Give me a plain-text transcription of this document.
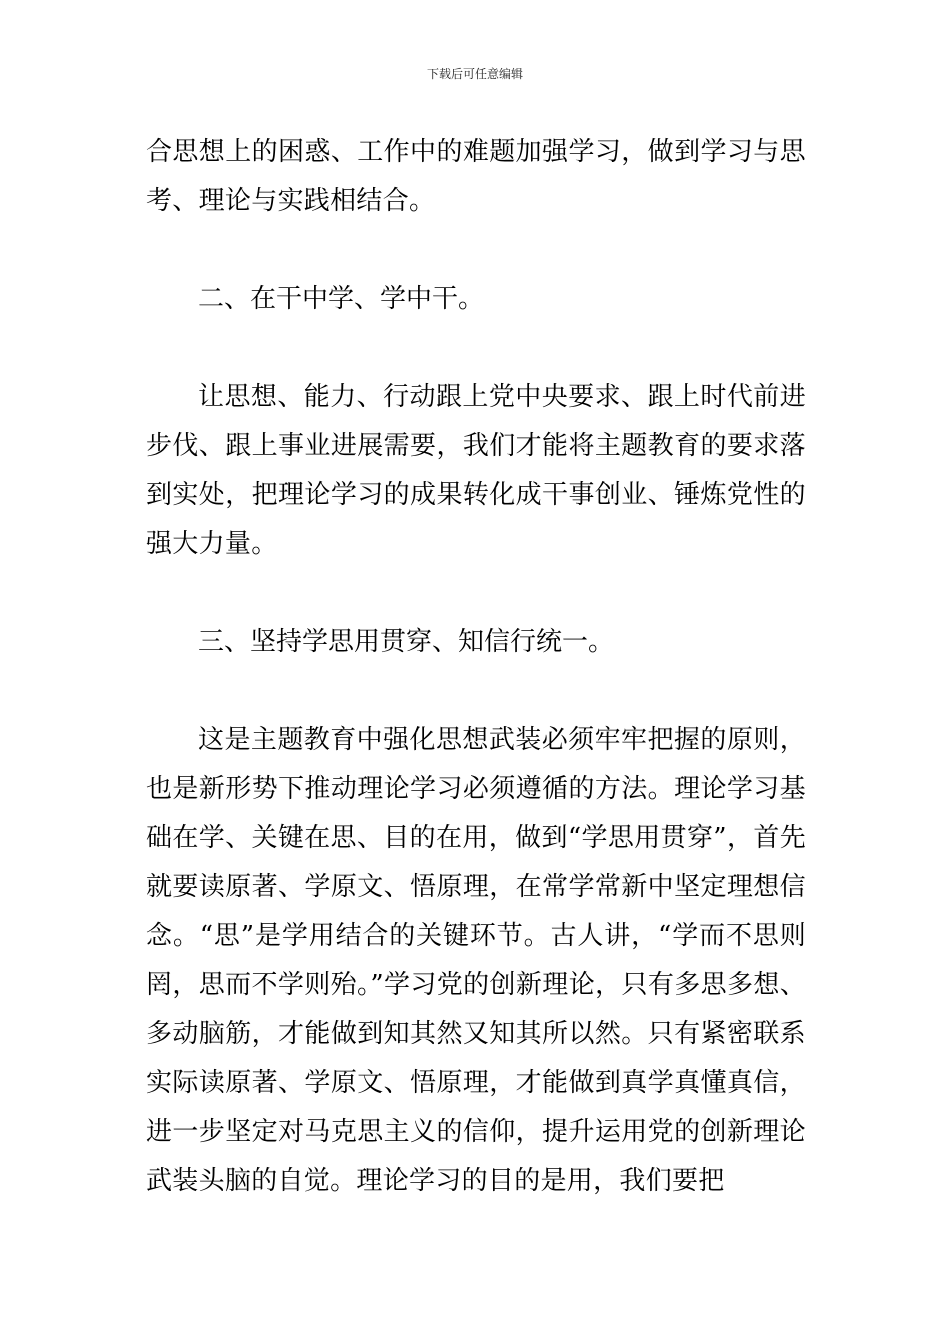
下载后可任意编辑

合思想上的困惑、工作中的难题加强学习，做到学习与思考、理论与实践相结合。

二、在干中学、学中干。

让思想、能力、行动跟上党中央要求、跟上时代前进步伐、跟上事业进展需要，我们才能将主题教育的要求落到实处，把理论学习的成果转化成干事创业、锤炼党性的强大力量。

三、坚持学思用贯穿、知信行统一。

这是主题教育中强化思想武装必须牢牢把握的原则，也是新形势下推动理论学习必须遵循的方法。理论学习基础在学、关键在思、目的在用，做到“学思用贯穿”，首先就要读原著、学原文、悟原理，在常学常新中坚定理想信念。“思”是学用结合的关键环节。古人讲，“学而不思则罔，思而不学则殆。”学习党的创新理论，只有多思多想、多动脑筋，才能做到知其然又知其所以然。只有紧密联系实际读原著、学原文、悟原理，才能做到真学真懂真信，进一步坚定对马克思主义的信仰，提升运用党的创新理论武装头脑的自觉。理论学习的目的是用，我们要把
